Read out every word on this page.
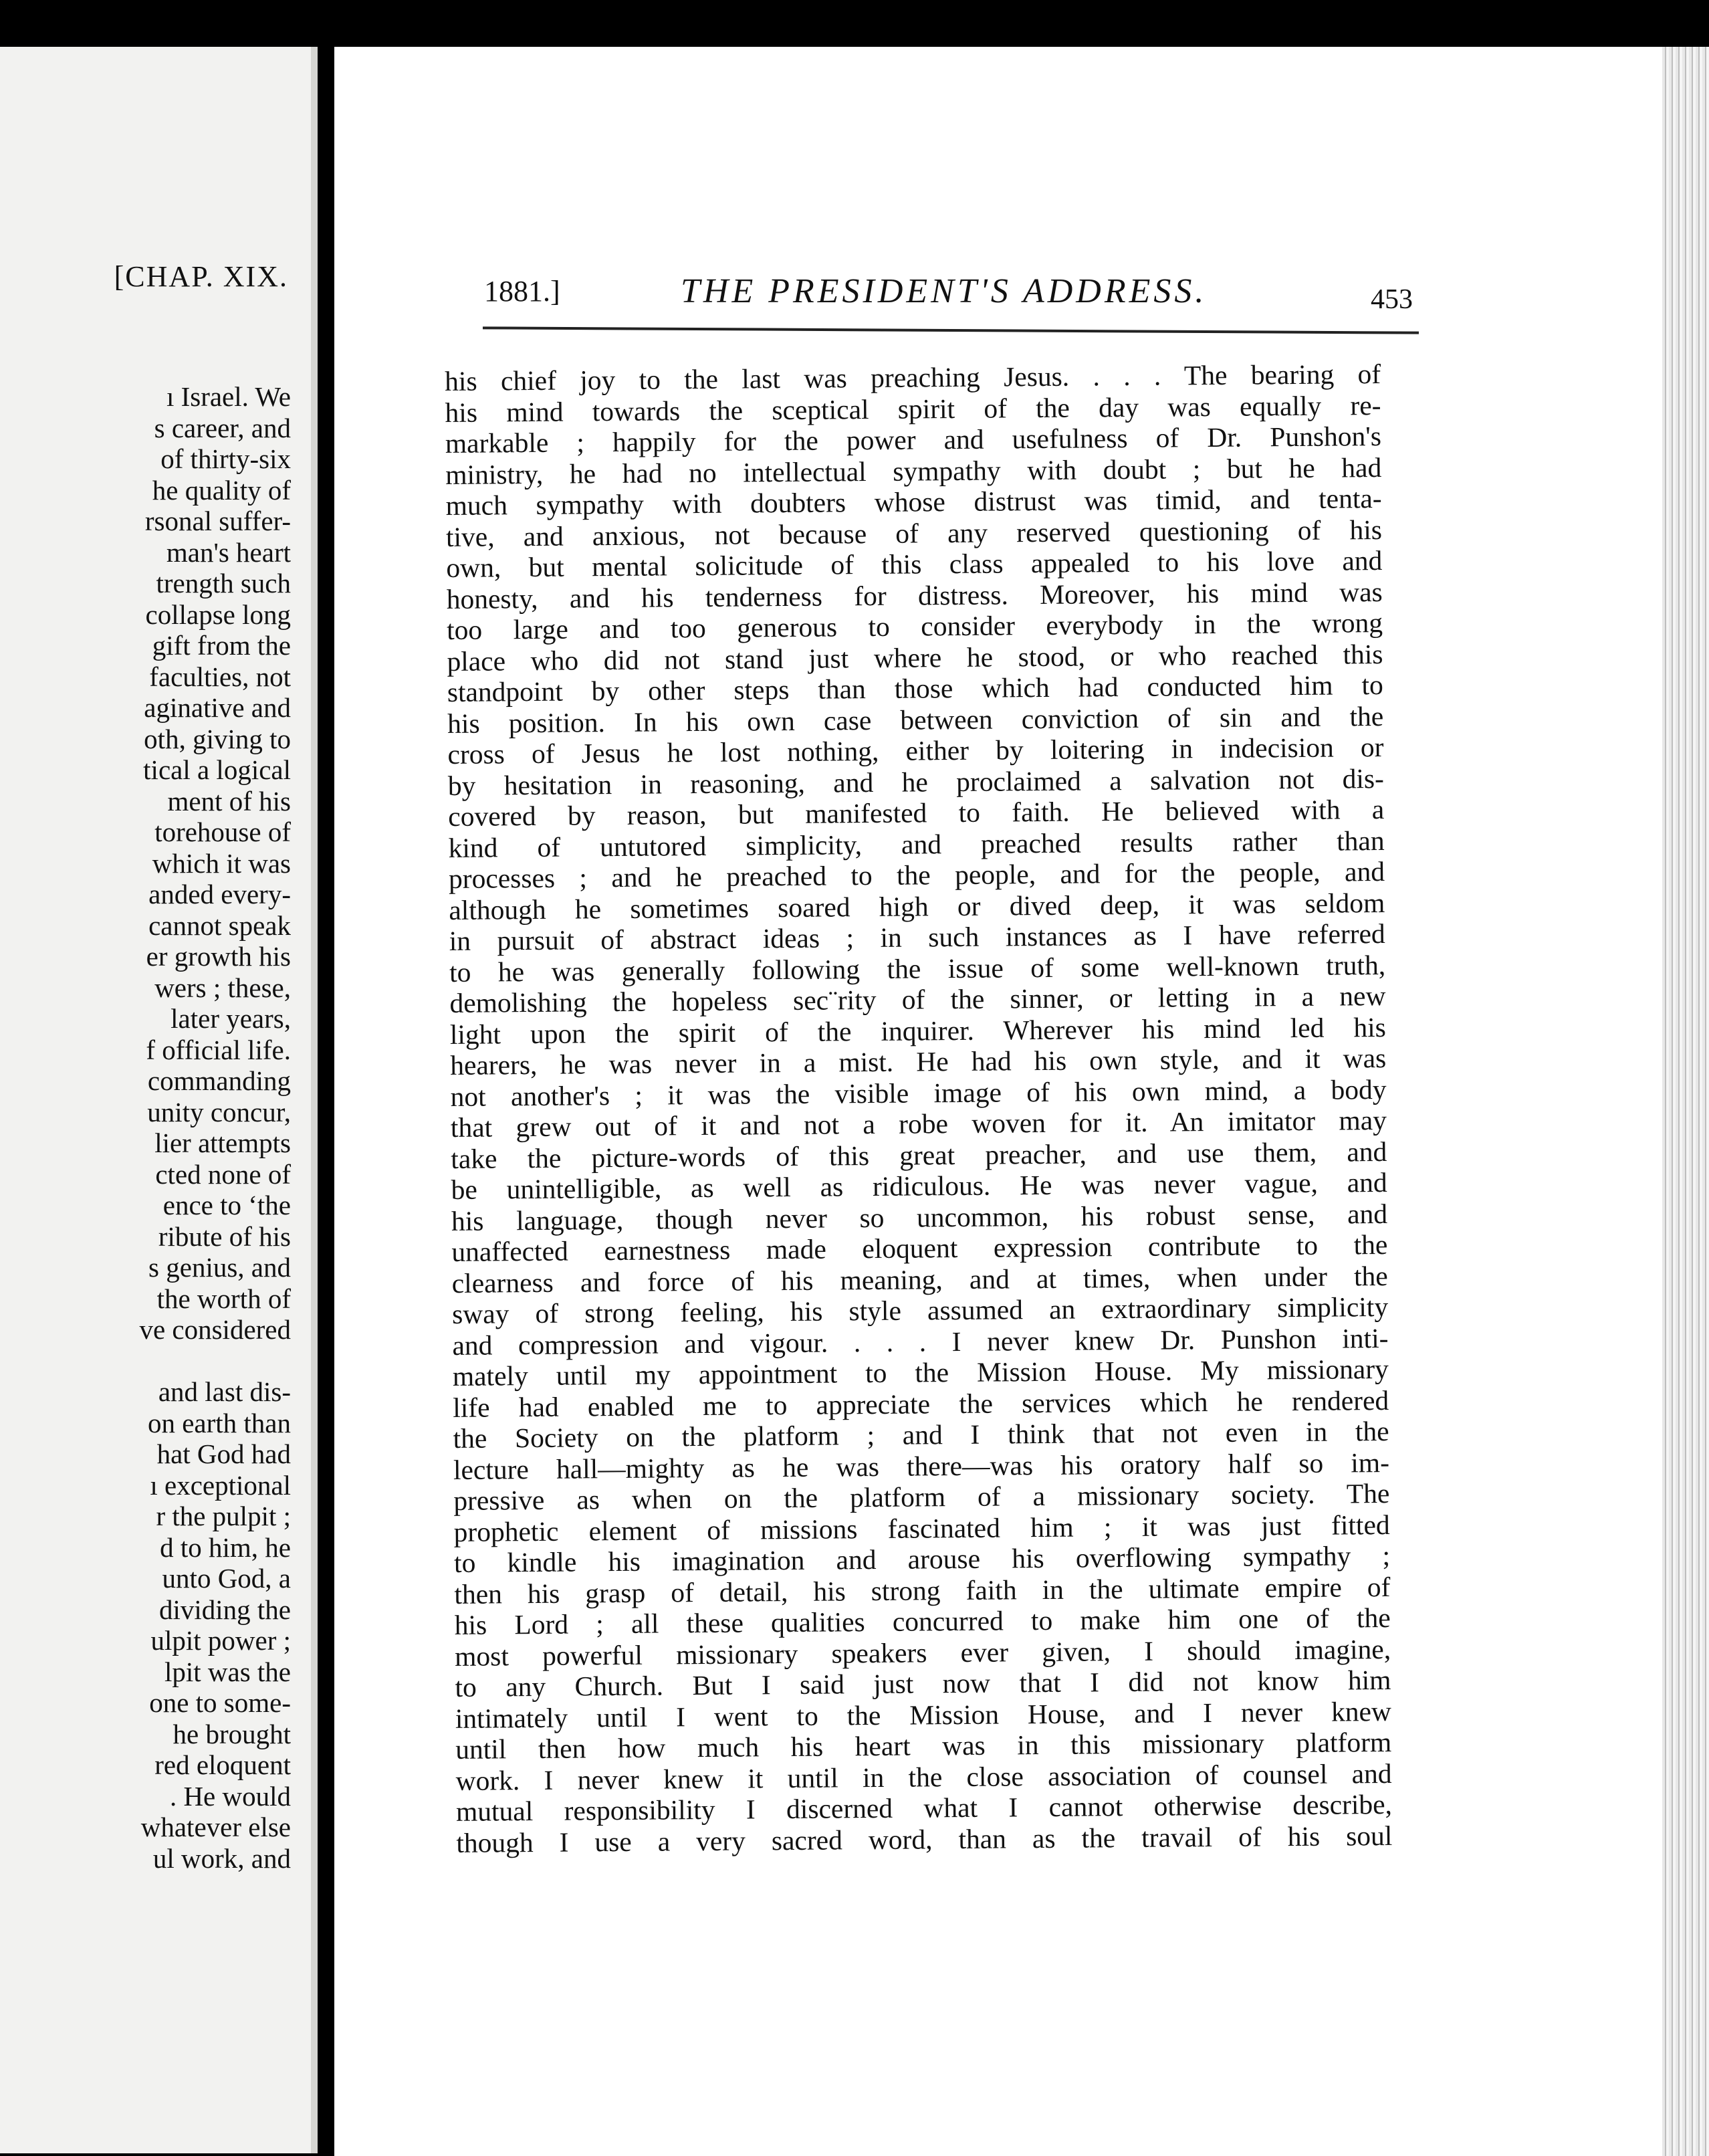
[CHAP. XIX.
ı Israel. We
s career, and
of thirty-six
he quality of
rsonal suffer-
man's heart
trength such
collapse long
gift from the
faculties, not
aginative and
oth, giving to
tical a logical
ment of his
torehouse of
which it was
anded every-
cannot speak
er growth his
wers ; these,
later years,
f official life.
commanding
unity concur,
lier attempts
cted none of
ence to ‘the
ribute of his
s genius, and
the worth of
ve considered
and last dis-
on earth than
hat God had
ı exceptional
r the pulpit ;
d to him, he
unto God, a
dividing the
ulpit power ;
lpit was the
one to some-
he brought
red eloquent
. He would
whatever else
ul work, and
1881.]	THE PRESIDENT'S ADDRESS.	453
his chief joy to the last was preaching Jesus. . . . The bearing of
his mind towards the sceptical spirit of the day was equally re-
markable ; happily for the power and usefulness of Dr. Punshon's
ministry, he had no intellectual sympathy with doubt ; but he had
much sympathy with doubters whose distrust was timid, and tenta-
tive, and anxious, not because of any reserved questioning of his
own, but mental solicitude of this class appealed to his love and
honesty, and his tenderness for distress. Moreover, his mind was
too large and too generous to consider everybody in the wrong
place who did not stand just where he stood, or who reached this
standpoint by other steps than those which had conducted him to
his position. In his own case between conviction of sin and the
cross of Jesus he lost nothing, either by loitering in indecision or
by hesitation in reasoning, and he proclaimed a salvation not dis-
covered by reason, but manifested to faith. He believed with a
kind of untutored simplicity, and preached results rather than
processes ; and he preached to the people, and for the people, and
although he sometimes soared high or dived deep, it was seldom
in pursuit of abstract ideas ; in such instances as I have referred
to he was generally following the issue of some well-known truth,
demolishing the hopeless sec¨rity of the sinner, or letting in a new
light upon the spirit of the inquirer. Wherever his mind led his
hearers, he was never in a mist. He had his own style, and it was
not another's ; it was the visible image of his own mind, a body
that grew out of it and not a robe woven for it. An imitator may
take the picture-words of this great preacher, and use them, and
be unintelligible, as well as ridiculous. He was never vague, and
his language, though never so uncommon, his robust sense, and
unaffected earnestness made eloquent expression contribute to the
clearness and force of his meaning, and at times, when under the
sway of strong feeling, his style assumed an extraordinary simplicity
and compression and vigour. . . . I never knew Dr. Punshon inti-
mately until my appointment to the Mission House. My missionary
life had enabled me to appreciate the services which he rendered
the Society on the platform ; and I think that not even in the
lecture hall—mighty as he was there—was his oratory half so im-
pressive as when on the platform of a missionary society. The
prophetic element of missions fascinated him ; it was just fitted
to kindle his imagination and arouse his overflowing sympathy ;
then his grasp of detail, his strong faith in the ultimate empire of
his Lord ; all these qualities concurred to make him one of the
most powerful missionary speakers ever given, I should imagine,
to any Church. But I said just now that I did not know him
intimately until I went to the Mission House, and I never knew
until then how much his heart was in this missionary platform
work. I never knew it until in the close association of counsel and
mutual responsibility I discerned what I cannot otherwise describe,
though I use a very sacred word, than as the travail of his soul
